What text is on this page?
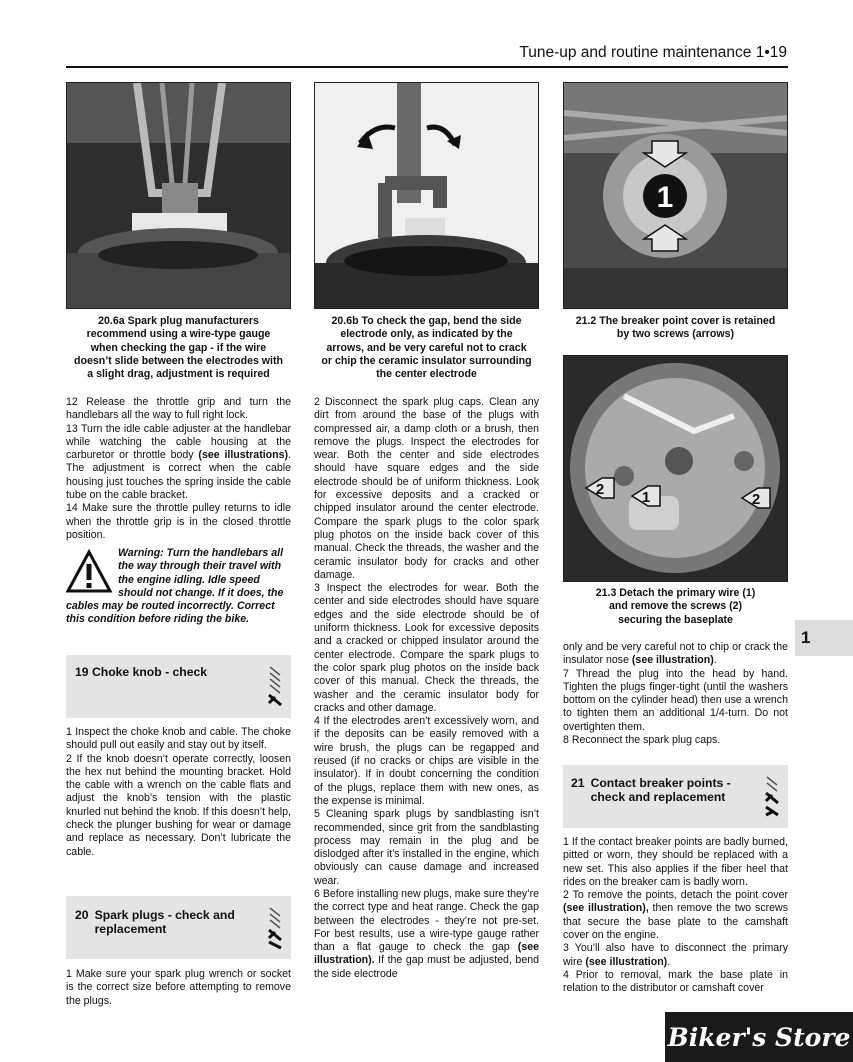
Tune-up and routine maintenance 1•19
20.6a Spark plug manufacturers
recommend using a wire-type gauge
when checking the gap - if the wire
doesn’t slide between the electrodes with
a slight drag, adjustment is required
20.6b To check the gap, bend the side
electrode only, as indicated by the
arrows, and be very careful not to crack
or chip the ceramic insulator surrounding
the center electrode
1
21.2 The breaker point cover is retained
by two screws (arrows)
2	1	2
21.3 Detach the primary wire (1)
and remove the screws (2)
securing the baseplate

12 Release the throttle grip and turn the handlebars all the way to full right lock.

13 Turn the idle cable adjuster at the handlebar while watching the cable housing at the carburetor or throttle body (see illustrations). The adjustment is correct when the cable housing just touches the spring inside the cable tube on the cable bracket.

14 Make sure the throttle pulley returns to idle when the throttle grip is in the closed throttle position.

Warning: Turn the handlebars all the way through their travel with the engine idling. Idle speed should not change. If it does, the cables may be routed incorrectly. Correct this condition before riding the bike.
19 Choke knob - check

1 Inspect the choke knob and cable. The choke should pull out easily and stay out by itself.

2 If the knob doesn’t operate correctly, loosen the hex nut behind the mounting bracket. Hold the cable with a wrench on the cable flats and adjust the knob’s tension with the plastic knurled nut behind the knob. If this doesn’t help, check the plunger bushing for wear or damage and replace as necessary. Don’t lubricate the cable.

20 Spark plugs - check and
replacement

1 Make sure your spark plug wrench or socket is the correct size before attempting to remove the plugs.

2 Disconnect the spark plug caps. Clean any dirt from around the base of the plugs with compressed air, a damp cloth or a brush, then remove the plugs. Inspect the electrodes for wear. Both the center and side electrodes should have square edges and the side electrode should be of uniform thickness. Look for excessive deposits and a cracked or chipped insulator around the center electrode. Compare the spark plugs to the color spark plug photos on the inside back cover of this manual. Check the threads, the washer and the ceramic insulator body for cracks and other damage.

3 Inspect the electrodes for wear. Both the center and side electrodes should have square edges and the side electrode should be of uniform thickness. Look for excessive deposits and a cracked or chipped insulator around the center electrode. Compare the spark plugs to the color spark plug photos on the inside back cover of this manual. Check the threads, the washer and the ceramic insulator body for cracks and other damage.

4 If the electrodes aren’t excessively worn, and if the deposits can be easily removed with a wire brush, the plugs can be regapped and reused (if no cracks or chips are visible in the insulator). If in doubt concerning the condition of the plugs, replace them with new ones, as the expense is minimal.

5 Cleaning spark plugs by sandblasting isn’t recommended, since grit from the sandblasting process may remain in the plug and be dislodged after it’s installed in the engine, which obviously can cause damage and increased wear.

6 Before installing new plugs, make sure they’re the correct type and heat range. Check the gap between the electrodes - they’re not pre-set. For best results, use a wire-type gauge rather than a flat gauge to check the gap (see illustration). If the gap must be adjusted, bend the side electrode

only and be very careful not to chip or crack the insulator nose (see illustration).

7 Thread the plug into the head by hand. Tighten the plugs finger-tight (until the washers bottom on the cylinder head) then use a wrench to tighten them an additional 1/4-turn. Do not overtighten them.

8 Reconnect the spark plug caps.

21 Contact breaker points -
check and replacement

1 If the contact breaker points are badly burned, pitted or worn, they should be replaced with a new set. This also applies if the fiber heel that rides on the breaker cam is badly worn.

2 To remove the points, detach the point cover (see illustration), then remove the two screws that secure the base plate to the camshaft cover on the engine.

3 You’ll also have to disconnect the primary wire (see illustration).

4 Prior to removal, mark the base plate in relation to the distributor or camshaft cover

1
Biker's Store
